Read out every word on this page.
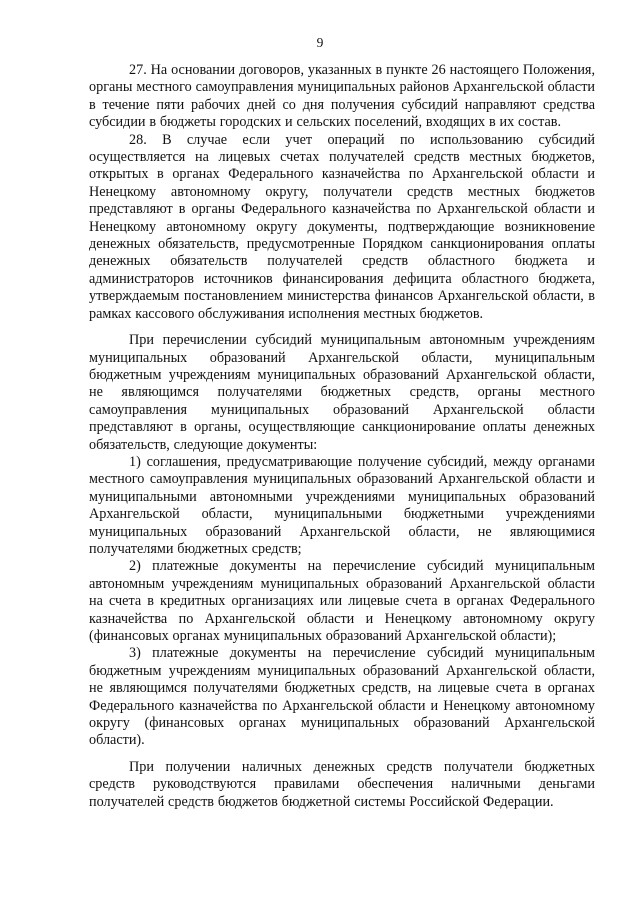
9

27. На основании договоров, указанных в пункте 26 настоящего Положения, органы местного самоуправления муниципальных районов Архангельской области в течение пяти рабочих дней со дня получения субсидий направляют средства субсидии в бюджеты городских и сельских поселений, входящих в их состав.

28. В случае если учет операций по использованию субсидий осуществляется на лицевых счетах получателей средств местных бюджетов, открытых в органах Федерального казначейства по Архангельской области и Ненецкому автономному округу, получатели средств местных бюджетов представляют в органы Федерального казначейства по Архангельской области и Ненецкому автономному округу документы, подтверждающие возникновение денежных обязательств, предусмотренные Порядком санкционирования оплаты денежных обязательств получателей средств областного бюджета и администраторов источников финансирования дефицита областного бюджета, утверждаемым постановлением министерства финансов Архангельской области, в рамках кассового обслуживания исполнения местных бюджетов.

При перечислении субсидий муниципальным автономным учреждениям муниципальных образований Архангельской области, муниципальным бюджетным учреждениям муниципальных образований Архангельской области, не являющимся получателями бюджетных средств, органы местного самоуправления муниципальных образований Архангельской области представляют в органы, осуществляющие санкционирование оплаты денежных обязательств, следующие документы:

1) соглашения, предусматривающие получение субсидий, между органами местного самоуправления муниципальных образований Архангельской области и муниципальными автономными учреждениями муниципальных образований Архангельской области, муниципальными бюджетными учреждениями муниципальных образований Архангельской области, не являющимися получателями бюджетных средств;

2) платежные документы на перечисление субсидий муниципальным автономным учреждениям муниципальных образований Архангельской области на счета в кредитных организациях или лицевые счета в органах Федерального казначейства по Архангельской области и Ненецкому автономному округу (финансовых органах муниципальных образований Архангельской области);

3) платежные документы на перечисление субсидий муниципальным бюджетным учреждениям муниципальных образований Архангельской области, не являющимся получателями бюджетных средств, на лицевые счета в органах Федерального казначейства по Архангельской области и Ненецкому автономному округу (финансовых органах муниципальных образований Архангельской области).

При получении наличных денежных средств получатели бюджетных средств руководствуются правилами обеспечения наличными деньгами получателей средств бюджетов бюджетной системы Российской Федерации.
